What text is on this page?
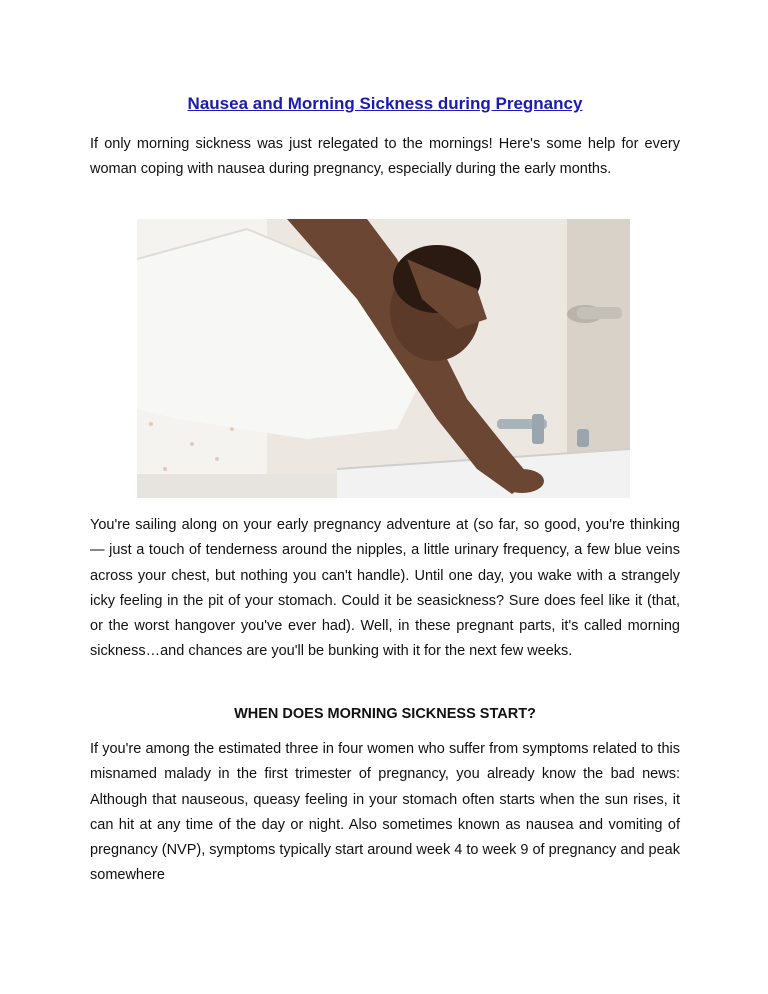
Nausea and Morning Sickness during Pregnancy

If only morning sickness was just relegated to the mornings! Here's some help for every woman coping with nausea during pregnancy, especially during the early months.

You're sailing along on your early pregnancy adventure at (so far, so good, you're thinking — just a touch of tenderness around the nipples, a little urinary frequency, a few blue veins across your chest, but nothing you can't handle). Until one day, you wake with a strangely icky feeling in the pit of your stomach. Could it be seasickness? Sure does feel like it (that, or the worst hangover you've ever had). Well, in these pregnant parts, it's called morning sickness…and chances are you'll be bunking with it for the next few weeks.

WHEN DOES MORNING SICKNESS START?

If you're among the estimated three in four women who suffer from symptoms related to this misnamed malady in the first trimester of pregnancy, you already know the bad news: Although that nauseous, queasy feeling in your stomach often starts when the sun rises, it can hit at any time of the day or night. Also sometimes known as nausea and vomiting of pregnancy (NVP), symptoms typically start around week 4 to week 9 of pregnancy and peak somewhere
